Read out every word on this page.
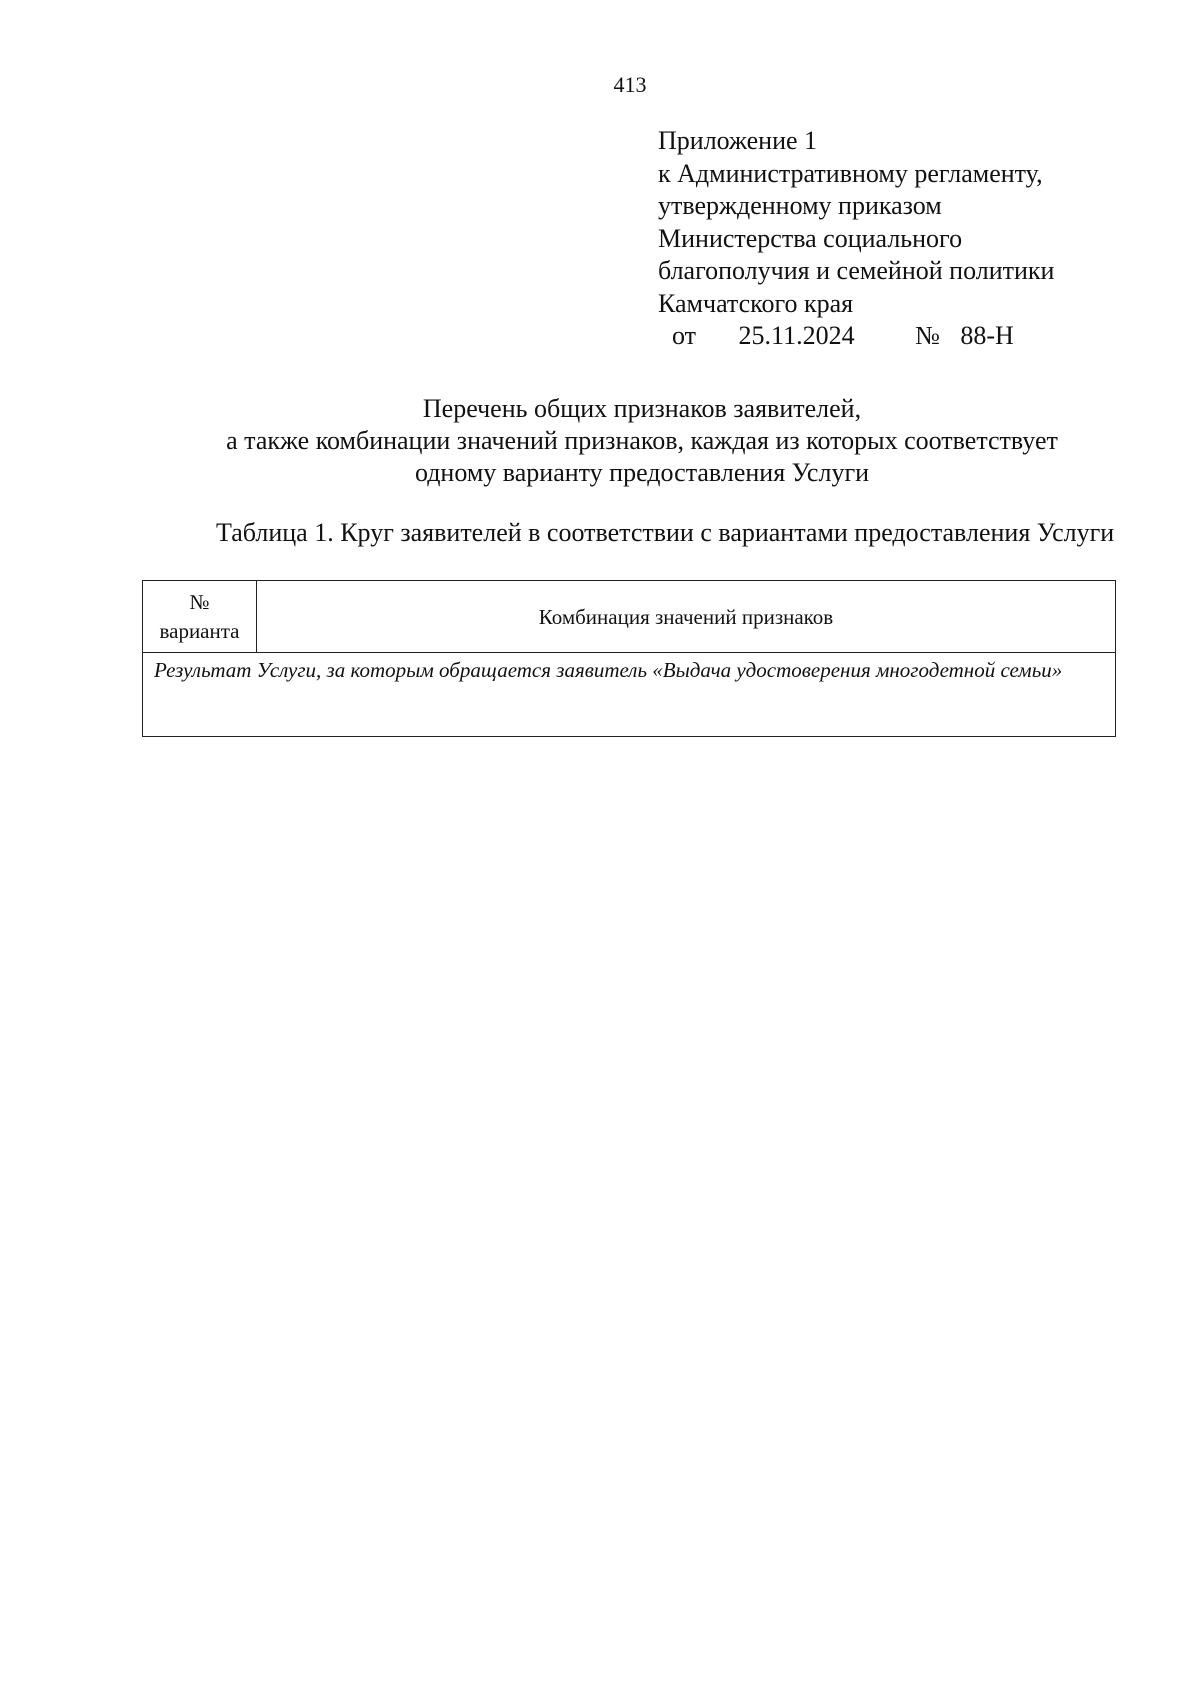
413
Приложение 1
к Административному регламенту,
утвержденному приказом
Министерства социального
благополучия и семейной политики
Камчатского края
от 25.11.2024 № 88-Н
Перечень общих признаков заявителей,
а также комбинации значений признаков, каждая из которых соответствует
одному варианту предоставления Услуги
Таблица 1. Круг заявителей в соответствии с вариантами предоставления Услуги
№
варианта
	Комбинация значений признаков
Результат Услуги, за которым обращается заявитель «Выдача удостоверения многодетной семьи»
